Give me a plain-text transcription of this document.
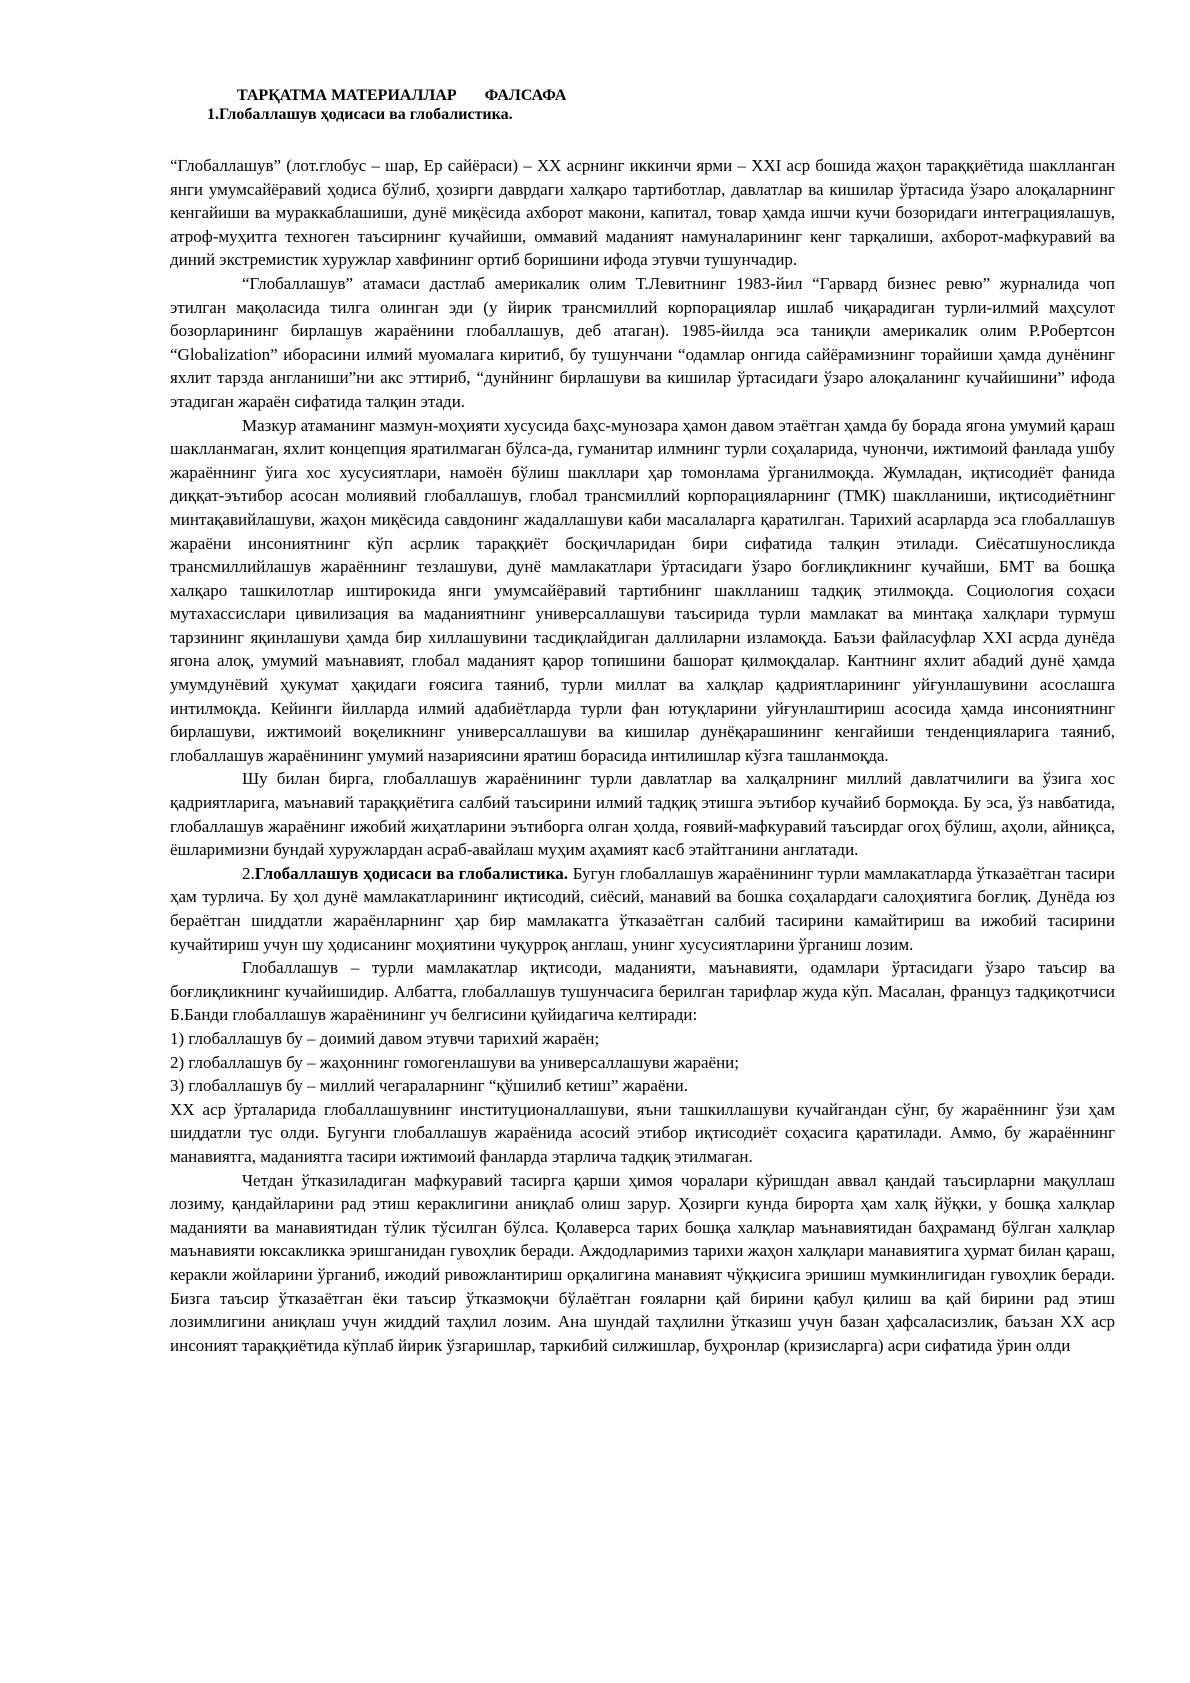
ТАРҚАТМА МАТЕРИАЛЛАР ФАЛСАФА
1.Глобаллашув ҳодисаси ва глобалистика.

“Глобаллашув” (лот.глобус – шар, Ер сайёраси) – XX асрнинг иккинчи ярми – XXI аср бошида жаҳон тараққиётида шаклланган янги умумсайёравий ҳодиса бўлиб, ҳозирги даврдаги халқаро тартиботлар, давлатлар ва кишилар ўртасида ўзаро алоқаларнинг кенгайиши ва мураккаблашиши, дунё миқёсида ахборот макони, капитал, товар ҳамда ишчи кучи бозоридаги интеграциялашув, атроф-муҳитга техноген таъсирнинг кучайиши, оммавий маданият намуналарининг кенг тарқалиши, ахборот-мафкуравий ва диний экстремистик хуружлар хавфининг ортиб боришини ифода этувчи тушунчадир.

“Глобаллашув” атамаси дастлаб америкалик олим Т.Левитнинг 1983-йил “Гарвард бизнес ревю” журналида чоп этилган мақоласида тилга олинган эди (у йирик трансмиллий корпорациялар ишлаб чиқарадиган турли-илмий маҳсулот бозорларининг бирлашув жараёнини глобаллашув, деб атаган). 1985-йилда эса таниқли америкалик олим Р.Робертсон “Globalization” иборасини илмий муомалага киритиб, бу тушунчани “одамлар онгида сайёрамизнинг торайиши ҳамда дунёнинг яхлит тарзда англаниши”ни акс эттириб, “дунйнинг бирлашуви ва кишилар ўртасидаги ўзаро алоқаланинг кучайишини” ифода этадиган жараён сифатида талқин этади.

Мазкур атаманинг мазмун-моҳияти хусусида баҳс-мунозара ҳамон давом этаётган ҳамда бу борада ягона умумий қараш шаклланмаган, яхлит концепция яратилмаган бўлса-да, гуманитар илмнинг турли соҳаларида, чунончи, ижтимоий фанлада ушбу жараённинг ўига хос хусусиятлари, намоён бўлиш шакллари ҳар томонлама ўрганилмоқда. Жумладан, иқтисодиёт фанида диққат-эътибор асосан молиявий глобаллашув, глобал трансмиллий корпорацияларнинг (ТМК) шаклланиши, иқтисодиётнинг минтақавийлашуви, жаҳон миқёсида савдонинг жадаллашуви каби масалаларга қаратилган. Тарихий асарларда эса глобаллашув жараёни инсониятнинг кўп асрлик тараққиёт босқичларидан бири сифатида талқин этилади. Сиёсатшуносликда трансмиллийлашув жараённинг тезлашуви, дунё мамлакатлари ўртасидаги ўзаро боғлиқликнинг кучайши, БМТ ва бошқа халқаро ташкилотлар иштирокида янги умумсайёравий тартибнинг шаклланиш тадқиқ этилмоқда. Социология соҳаси мутахассислари цивилизация ва маданиятнинг универсаллашуви таъсирида турли мамлакат ва минтақа халқлари турмуш тарзининг яқинлашуви ҳамда бир хиллашувини тасдиқлайдиган даллиларни изламоқда. Баъзи файласуфлар XXI асрда дунёда ягона алоқ, умумий маънавият, глобал маданият қарор топишини башорат қилмоқдалар. Кантнинг яхлит абадий дунё ҳамда умумдунёвий ҳукумат ҳақидаги ғоясига таяниб, турли миллат ва халқлар қадриятларининг уйғунлашувини асослашга интилмоқда. Кейинги йилларда илмий адабиётларда турли фан ютуқларини уйғунлаштириш асосида ҳамда инсониятнинг бирлашуви, ижтимоий воқеликнинг универсаллашуви ва кишилар дунёқарашининг кенгайиши тенденцияларига таяниб, глобаллашув жараёнининг умумий назариясини яратиш борасида интилишлар кўзга ташланмоқда.

Шу билан бирга, глобаллашув жараёнининг турли давлатлар ва халқалрнинг миллий давлатчилиги ва ўзига хос қадриятларига, маънавий тараққиётига салбий таъсирини илмий тадқиқ этишга эътибор кучайиб бормоқда. Бу эса, ўз навбатида, глобаллашув жараёнинг ижобий жиҳатларини эътиборга олган ҳолда, ғоявий-мафкуравий таъсирдаг огоҳ бўлиш, аҳоли, айниқса, ёшларимизни бундай хуружлардан асраб-авайлаш муҳим аҳамият касб этайтганини англатади.

2.Глобаллашув ҳодисаси ва глобалистика. Бугун глобаллашув жараёнининг турли мамлакатларда ўтказаётган тасири ҳам турлича. Бу ҳол дунё мамлакатларининг иқтисодий, сиёсий, манавий ва бошка соҳалардаги салоҳиятига боғлиқ. Дунёда юз бераётган шиддатли жараёнларнинг ҳар бир мамлакатга ўтказаётган салбий тасирини камайтириш ва ижобий тасирини кучайтириш учун шу ҳодисанинг моҳиятини чуқурроқ англаш, унинг хусусиятларини ўрганиш лозим.

Глобаллашув – турли мамлакатлар иқтисоди, маданияти, маънавияти, одамлари ўртасидаги ўзаро таъсир ва боғлиқликнинг кучайишидир. Албатта, глобаллашув тушунчасига берилган тарифлар жуда кўп. Масалан, француз тадқиқотчиси Б.Банди глобаллашув жараёнининг уч белгисини қуйидагича келтиради:

1) глобаллашув бу – доимий давом этувчи тарихий жараён;

2) глобаллашув бу – жаҳоннинг гомогенлашуви ва универсаллашуви жараёни;

3) глобаллашув бу – миллий чегараларнинг “қўшилиб кетиш” жараёни.

XX аср ўрталарида глобаллашувнинг институционаллашуви, яъни ташкиллашуви кучайгандан сўнг, бу жараённинг ўзи ҳам шиддатли тус олди. Бугунги глобаллашув жараёнида асосий этибор иқтисодиёт соҳасига қаратилади. Аммо, бу жараённинг манавиятга, маданиятга тасири ижтимоий фанларда этарлича тадқиқ этилмаган.

Четдан ўтказиладиган мафкуравий тасирга қарши ҳимоя чоралари кўришдан аввал қандай таъсирларни мақуллаш лозиму, қандайларини рад этиш кераклигини аниқлаб олиш зарур. Ҳозирги кунда бирорта ҳам халқ йўқки, у бошқа халқлар маданияти ва манавиятидан тўлик тўсилган бўлса. Қолаверса тарих бошқа халқлар маънавиятидан баҳраманд бўлган халқлар маънавияти юксакликка эришганидан гувоҳлик беради. Аждодларимиз тарихи жаҳон халқлари манавиятига ҳурмат билан қараш, керакли жойларини ўрганиб, ижодий ривожлантириш орқалигина манавият чўққисига эришиш мумкинлигидан гувоҳлик беради. Бизга таъсир ўтказаётган ёки таъсир ўтказмоқчи бўлаётган ғояларни қай бирини қабул қилиш ва қай бирини рад этиш лозимлигини аниқлаш учун жиддий таҳлил лозим. Ана шундай таҳлилни ўтказиш учун базан ҳафсаласизлик, баъзан XX аср инсоният тараққиётида кўплаб йирик ўзгаришлар, таркибий силжишлар, буҳронлар (кризисларга) асри сифатида ўрин олди
